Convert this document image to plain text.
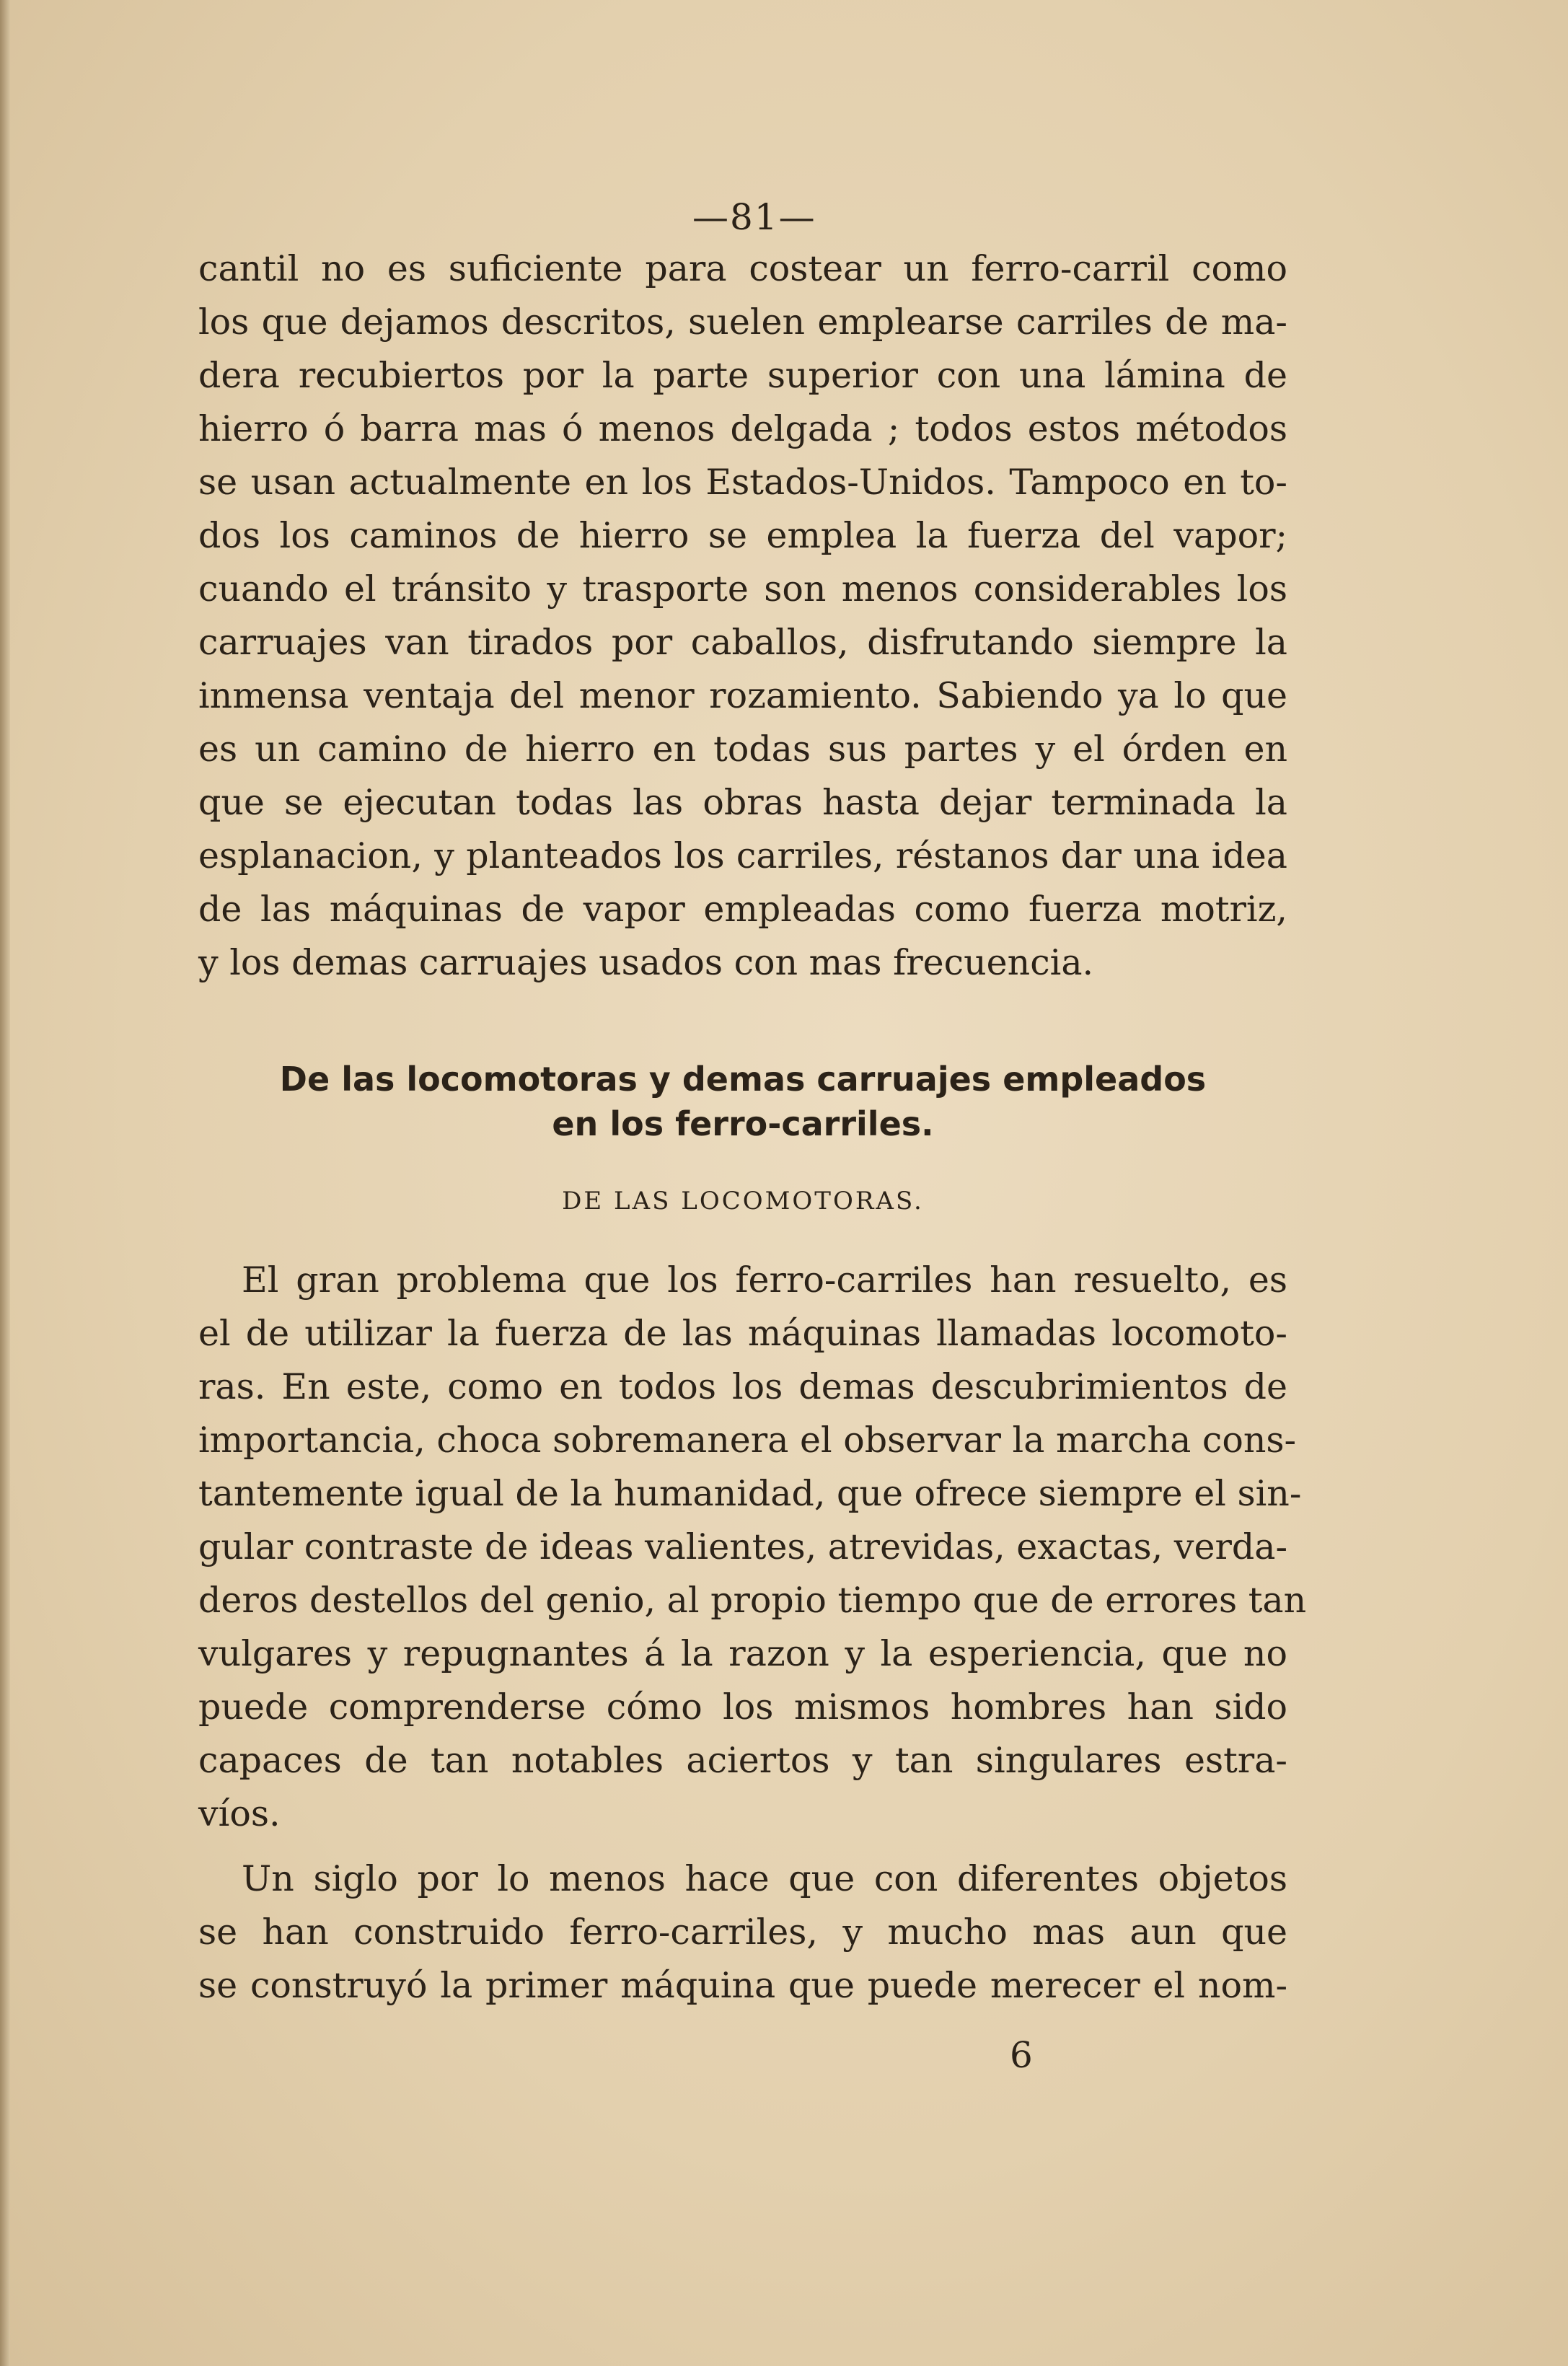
—81—
cantil no es suficiente para costear un ferro-carril como
los que dejamos descritos, suelen emplearse carriles de ma-
dera recubiertos por la parte superior con una lámina de
hierro ó barra mas ó menos delgada ; todos estos métodos
se usan actualmente en los Estados-Unidos. Tampoco en to-
dos los caminos de hierro se emplea la fuerza del vapor;
cuando el tránsito y trasporte son menos considerables los
carruajes van tirados por caballos, disfrutando siempre la
inmensa ventaja del menor rozamiento. Sabiendo ya lo que
es un camino de hierro en todas sus partes y el órden en
que se ejecutan todas las obras hasta dejar terminada la
esplanacion, y planteados los carriles, réstanos dar una idea
de las máquinas de vapor empleadas como fuerza motriz,
y los demas carruajes usados con mas frecuencia.
De las locomotoras y demas carruajes empleados
en los ferro-carriles.
DE LAS LOCOMOTORAS.
El gran problema que los ferro-carriles han resuelto, es
el de utilizar la fuerza de las máquinas llamadas locomoto-
ras. En este, como en todos los demas descubrimientos de
importancia, choca sobremanera el observar la marcha cons-
tantemente igual de la humanidad, que ofrece siempre el sin-
gular contraste de ideas valientes, atrevidas, exactas, verda-
deros destellos del genio, al propio tiempo que de errores tan
vulgares y repugnantes á la razon y la esperiencia, que no
puede comprenderse cómo los mismos hombres han sido
capaces de tan notables aciertos y tan singulares estra-
víos.
Un siglo por lo menos hace que con diferentes objetos
se han construido ferro-carriles, y mucho mas aun que
se construyó la primer máquina que puede merecer el nom-
6
